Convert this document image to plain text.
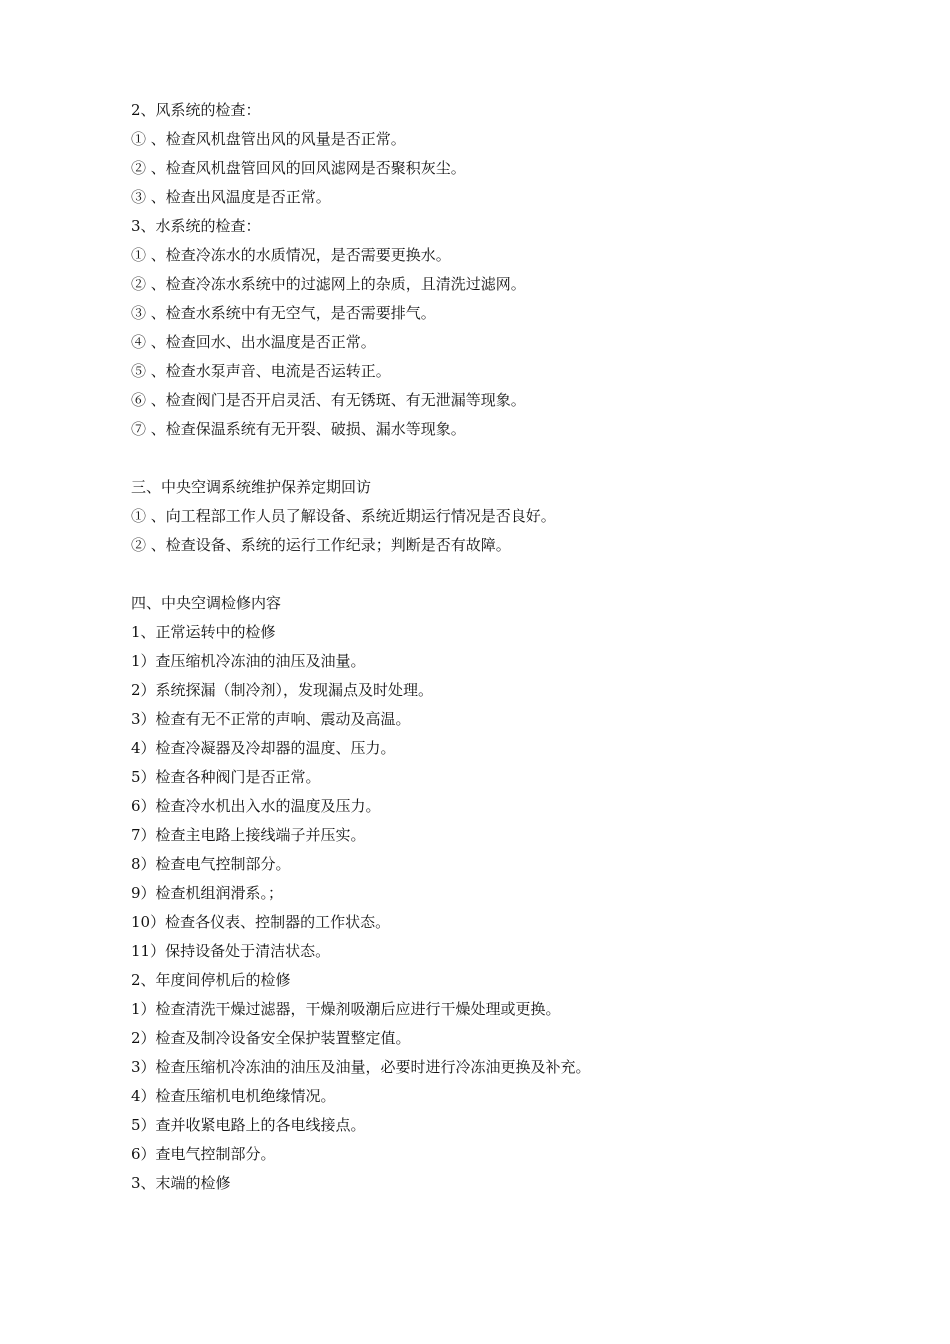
2、风系统的检查：
① 、检查风机盘管出风的风量是否正常。
② 、检查风机盘管回风的回风滤网是否聚积灰尘。
③ 、检查出风温度是否正常。
3、水系统的检查：
① 、检查冷冻水的水质情况，是否需要更换水。
② 、检查冷冻水系统中的过滤网上的杂质，且清洗过滤网。
③ 、检查水系统中有无空气，是否需要排气。
④ 、检查回水、出水温度是否正常。
⑤ 、检查水泵声音、电流是否运转正。
⑥ 、检查阀门是否开启灵活、有无锈斑、有无泄漏等现象。
⑦ 、检查保温系统有无开裂、破损、漏水等现象。
三、中央空调系统维护保养定期回访
① 、向工程部工作人员了解设备、系统近期运行情况是否良好。
② 、检查设备、系统的运行工作纪录；判断是否有故障。
四、中央空调检修内容
1、正常运转中的检修
1）查压缩机冷冻油的油压及油量。
2）系统探漏（制冷剂），发现漏点及时处理。
3）检查有无不正常的声响、震动及高温。
4）检查冷凝器及冷却器的温度、压力。
5）检查各种阀门是否正常。
6）检查冷水机出入水的温度及压力。
7）检查主电路上接线端子并压实。
8）检查电气控制部分。
9）检查机组润滑系。；
10）检查各仪表、控制器的工作状态。
11）保持设备处于清洁状态。
2、年度间停机后的检修
1）检查清洗干燥过滤器，干燥剂吸潮后应进行干燥处理或更换。
2）检查及制冷设备安全保护装置整定值。
3）检查压缩机冷冻油的油压及油量，必要时进行冷冻油更换及补充。
4）检查压缩机电机绝缘情况。
5）查并收紧电路上的各电线接点。
6）查电气控制部分。
3、末端的检修
